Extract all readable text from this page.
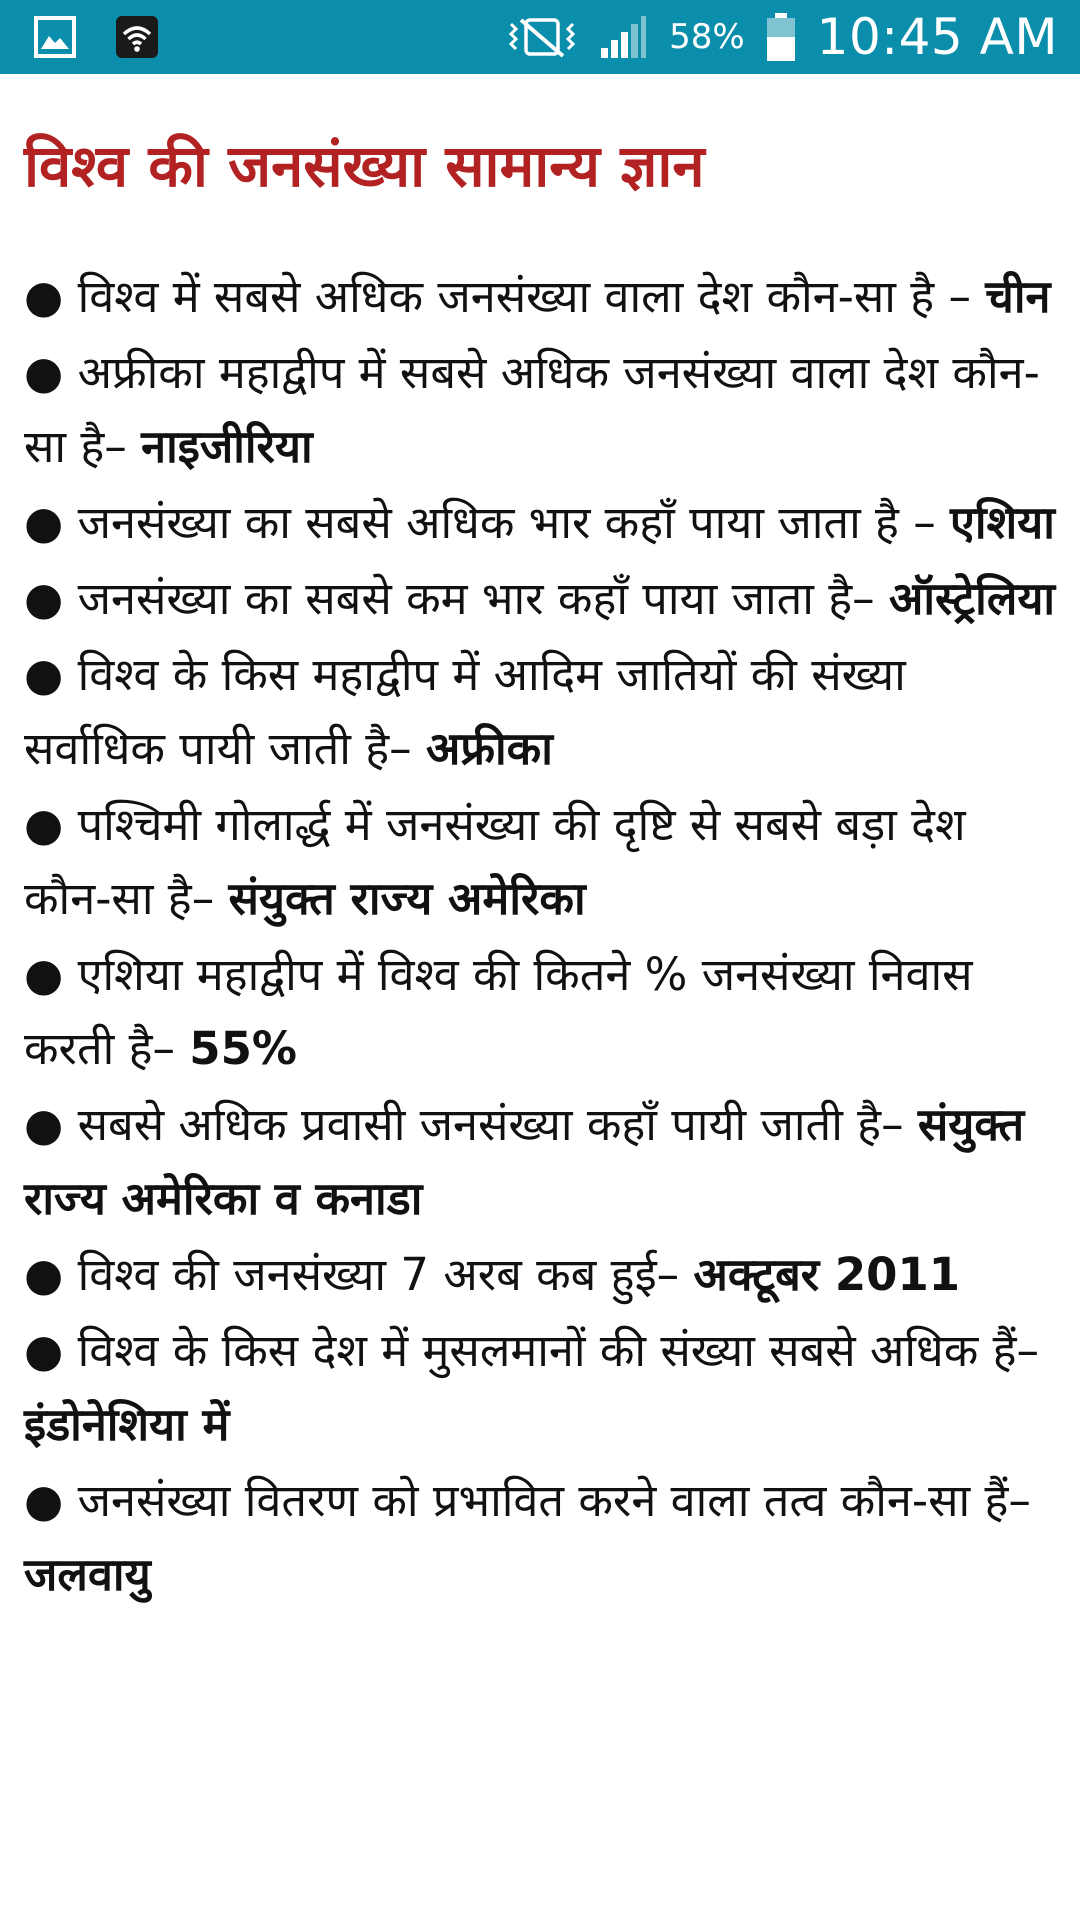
58% 10:45 AM
विश्व की जनसंख्या सामान्य ज्ञान
● विश्व में सबसे अधिक जनसंख्या वाला देश कौन-सा है – चीन
● अफ्रीका महाद्वीप में सबसे अधिक जनसंख्या वाला देश कौन-सा है– नाइजीरिया
● जनसंख्या का सबसे अधिक भार कहाँ पाया जाता है – एशिया
● जनसंख्या का सबसे कम भार कहाँ पाया जाता है– ऑस्ट्रेलिया
● विश्व के किस महाद्वीप में आदिम जातियों की संख्या सर्वाधिक पायी जाती है– अफ्रीका
● पश्चिमी गोलार्द्ध में जनसंख्या की दृष्टि से सबसे बड़ा देश कौन-सा है– संयुक्त राज्य अमेरिका
● एशिया महाद्वीप में विश्व की कितने % जनसंख्या निवास करती है– 55%
● सबसे अधिक प्रवासी जनसंख्या कहाँ पायी जाती है– संयुक्त राज्य अमेरिका व कनाडा
● विश्व की जनसंख्या 7 अरब कब हुई– अक्टूबर 2011
● विश्व के किस देश में मुसलमानों की संख्या सबसे अधिक हैं– इंडोनेशिया में
● जनसंख्या वितरण को प्रभावित करने वाला तत्व कौन-सा हैं– जलवायु
